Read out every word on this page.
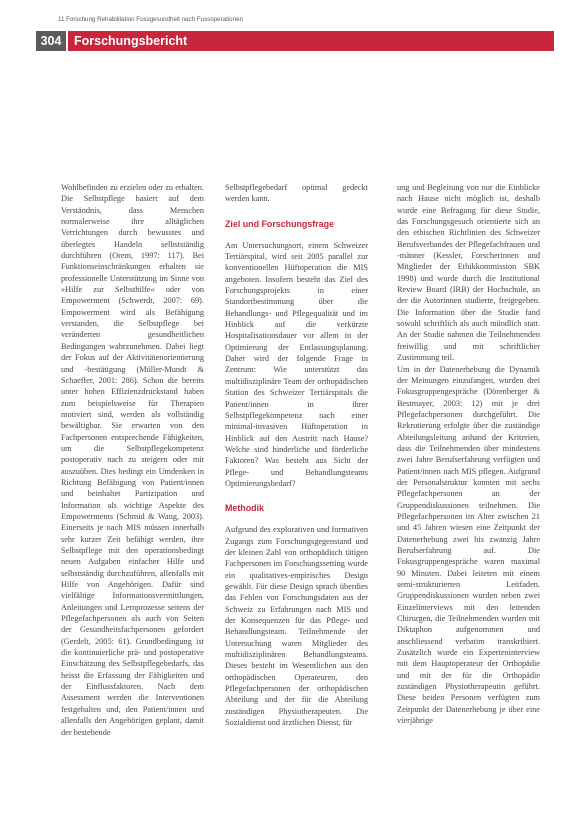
11 Forschung Rehabilitation Fussgesundheit nach Fussoperationen
304	Forschungsbericht
·

Wohlbefinden zu erzielen oder zu erhalten. Die Selbstpflege basiert auf dem Verständnis, dass Menschen normalerweise ihre alltäglichen Verrichtungen durch bewusstes und überlegtes Handeln selbstständig durchführen (Orem, 1997: 117). Bei Funktionseinschränkungen erhalten sie professionelle Unterstützung im Sinne von »Hilfe zur Selbsthilfe« oder von Empowerment (Schwerdt, 2007: 69). Empowerment wird als Befähigung verstanden, die Selbstpflege bei veränderten gesundheitlichen Bedingungen wahrzunehmen. Dabei liegt der Fokus auf der Aktivitätenorientierung und -bestätigung (Müller-Mundt & Schaeffer, 2001: 286). Schon die bereits unter hohen Effizienzdruckstand haben zum beispielsweise für Therapien motiviert sind, werden als vollständig bewältigbar. Sie erwarten von den Fachpersonen entsprechende Fähigkeiten, um die Selbstpflegekompetenz postoperativ nach zu steigern oder mit auszuüben. Dies bedingt ein Umdenken in Richtung Befähigung von Patient/innen und beinhaltet Partizipation und Information als wichtige Aspekte des Empowerments (Schmid & Wang, 2003). Einerseits je nach MIS müssen innerhalb sehr kurzer Zeit befähigt werden, ihre Selbstpflege mit den operationsbedingt neuen Aufgaben einfacher Hilfe und selbstständig durchzuführen, allenfalls mit Hilfe von Angehörigen. Dafür sind vielfältige Informationsvermittlungen, Anleitungen und Lernprozesse seitens der Pflegefachpersonen als auch von Seiten der Gesundheitsfachpersonen gefordert (Gerdelt, 2005: 61). Grundbedingung ist die kontinuierliche prä- und postoperative Einschätzung des Selbstpflegebedarfs, das heisst die Erfassung der Fähigkeiten und der Einflussfaktoren. Nach dem Assessment werden die Interventionen festgehalten und, den Patient/innen und allenfalls den Angehörigen geplant, damit der bestehende

Selbstpflegebedarf optimal gedeckt werden kann.

Ziel und Forschungsfrage

Am Untersuchungsort, einem Schweizer Tertiärspital, wird seit 2005 parallel zur konventionellen Hüftoperation die MIS angeboten. Insofern besteht das Ziel des Forschungsprojekts in einer Standortbestimmung über die Behandlungs- und Pflegequalität und im Hinblick auf die verkürzte Hospitalisationsdauer vor allem in der Optimierung der Entlassungsplanung. Daher wird der folgende Frage in Zentrum: Wie unterstützt das multidisziplinäre Team der orthopädischen Station des Schweizer Tertiärspitals die Patient/innen in ihrer Selbstpflegekompetenz nach einer minimal-invasiven Hüftoperation in Hinblick auf den Austritt nach Hause? Welche sind hinderliche und förderliche Faktoren? Was besteht aus Sicht der Pflege- und Behandlungsteams Optimierungsbedarf?

Methodik

Aufgrund des explorativen und formativen Zugangs zum Forschungsgegenstand und der kleinen Zahl von orthopädisch tätigen Fachpersonen im Forschungssetting wurde ein qualitatives-empirisches Design gewählt. Für diese Design sprach überdies das Fehlen von Forschungsdaten aus der Schweiz zu Erfahrungen nach MIS und der Konsequenzen für das Pflege- und Behandlungsteam. Teilnehmende der Untersuchung waren Mitglieder des multidisziplinären Behandlungsteams. Dieses besteht im Wesentlichen aus den orthopädischen Operateuren, den Pflegefachpersonen der orthopädischen Abteilung und der für die Abteilung zuständigen Physiotherapeuten. Die Sozialdienst und ärztlichen Dienst, für

ung und Begleitung von nur die Einblicke nach Hause nicht möglich ist, deshalb wurde eine Befragung für diese Studie, das Forschungsgesuch orientierte sich an den ethischen Richtlinien des Schweizer Berufsverbandes der Pflegefachfrauen und -männer (Kessler, Forscherinnen und Mitglieder der Ethikkommission SBK 1998) und wurde durch die Institutional Review Board (IRB) der Hochschule, an der die Autorinnen studierte, freigegeben. Die Information über die Studie fand sowohl schriftlich als auch mündlich statt. An der Studie nahmen die Teilnehmenden freiwillig und mit schriftlicher Zustimmung teil.

Um in der Datenerhebung die Dynamik der Meinungen einzufangen, wurden drei Fokusgruppengespräche (Dörenberger & Bestmayer, 2003: 12) mit je drei Pflegefachpersonen durchgeführt. Die Rekrutierung erfolgte über die zuständige Abteilungsleitung anhand der Kriterien, dass die Teilnehmenden über mindestens zwei Jahre Berufserfahrung verfügten und Patient/innen nach MIS pflegen. Aufgrund der Personalstruktur konnten mit sechs Pflegefachpersonen an der Gruppendiskussionen teilnehmen. Die Pflegefachpersonen im Alter zwischen 21 und 45 Jahren wiesen eine Zeitpunkt der Datenerhebung zwei bis zwanzig Jahre Berufserfahrung auf. Die Fokusgruppengespräche waren maximal 90 Minuten. Dabei leiteten mit einem semi-strukturierten Leitfaden. Gruppendiskussionen wurden neben zwei Einzelinterviews mit den leitenden Chirurgen, die Teilnehmenden wurden mit Diktaphon aufgenommen und anschliessend verbatim transkribiert. Zusätzlich wurde ein Experteninterview mit dem Hauptoperateur der Orthopädie und mit der für die Orthopädie zuständigen Physiotherapeutin geführt. Diese beiden Personen verfügten zum Zeitpunkt der Datenerhebung je über eine vierjährige
